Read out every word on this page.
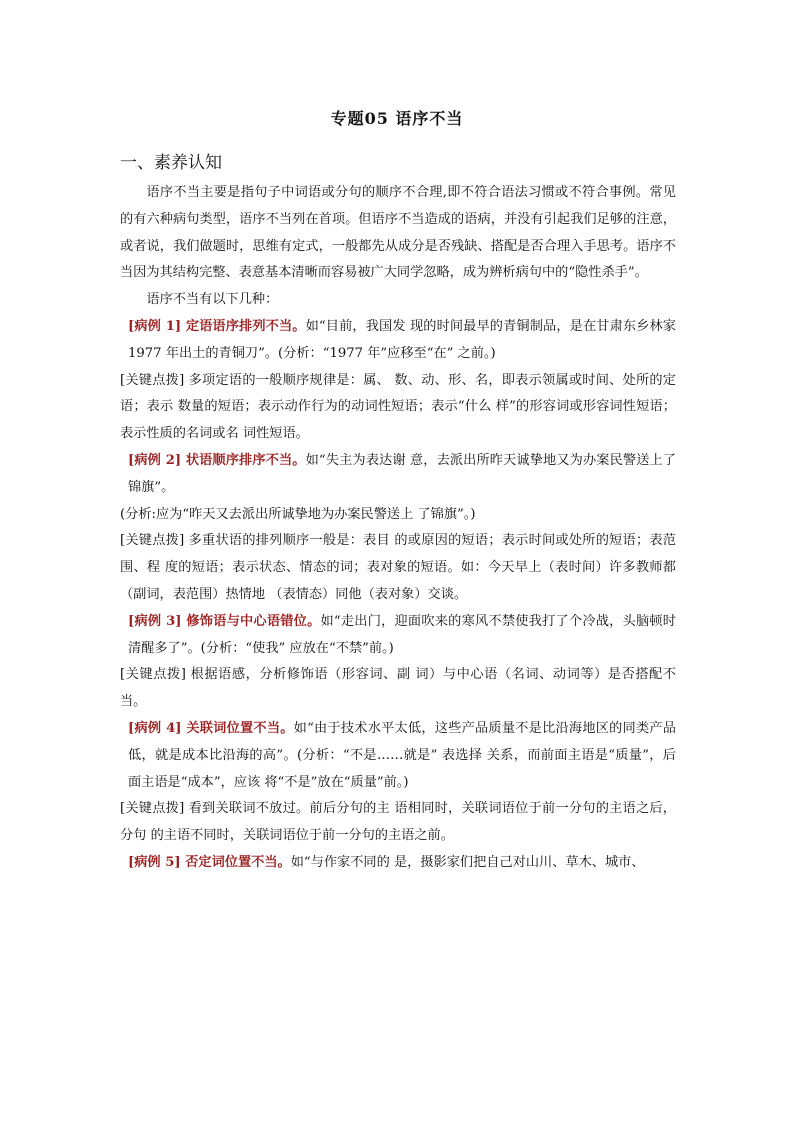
专题05 语序不当
一、素养认知

语序不当主要是指句子中词语或分句的顺序不合理,即不符合语法习惯或不符合事例。常见的有六种病句类型，语序不当列在首项。但语序不当造成的语病，并没有引起我们足够的注意，或者说，我们做题时，思维有定式，一般都先从成分是否残缺、搭配是否合理入手思考。语序不当因为其结构完整、表意基本清晰而容易被广大同学忽略，成为辨析病句中的“隐性杀手”。

语序不当有以下几种：

[病例 1] 定语语序排列不当。如“目前，我国发 现的时间最早的青铜制品，是在甘肃东乡林家 1977 年出土的青铜刀”。(分析：“1977 年”应移至“在” 之前。)

[关键点拨] 多项定语的一般顺序规律是：属、 数、动、形、名，即表示领属或时间、处所的定语；表示 数量的短语；表示动作行为的动词性短语；表示“什么 样”的形容词或形容词性短语；表示性质的名词或名 词性短语。

[病例 2] 状语顺序排序不当。如“失主为表达谢 意，去派出所昨天诚挚地又为办案民警送上了锦旗”。

(分析:应为“昨天又去派出所诚挚地为办案民警送上 了锦旗”。)

[关键点拨] 多重状语的排列顺序一般是：表目 的或原因的短语；表示时间或处所的短语；表范围、程 度的短语；表示状态、情态的词；表对象的短语。如：今天早上（表时间）许多教师都（副词，表范围）热情地 （表情态）同他（表对象）交谈。

[病例 3] 修饰语与中心语错位。如“走出门，迎面吹来的寒风不禁使我打了个冷战，头脑顿时清醒多了”。(分析：“使我” 应放在“不禁”前。)

[关键点拨] 根据语感，分析修饰语（形容词、副 词）与中心语（名词、动词等）是否搭配不当。

[病例 4] 关联词位置不当。如“由于技术水平太低，这些产品质量不是比沿海地区的同类产品低，就是成本比沿海的高”。(分析：“不是……就是” 表选择 关系，而前面主语是“质量”，后面主语是“成本”，应该 将“不是”放在“质量”前。)

[关键点拨] 看到关联词不放过。前后分句的主 语相同时，关联词语位于前一分句的主语之后，分句 的主语不同时，关联词语位于前一分句的主语之前。

[病例 5] 否定词位置不当。如“与作家不同的 是，摄影家们把自己对山川、草木、城市、
